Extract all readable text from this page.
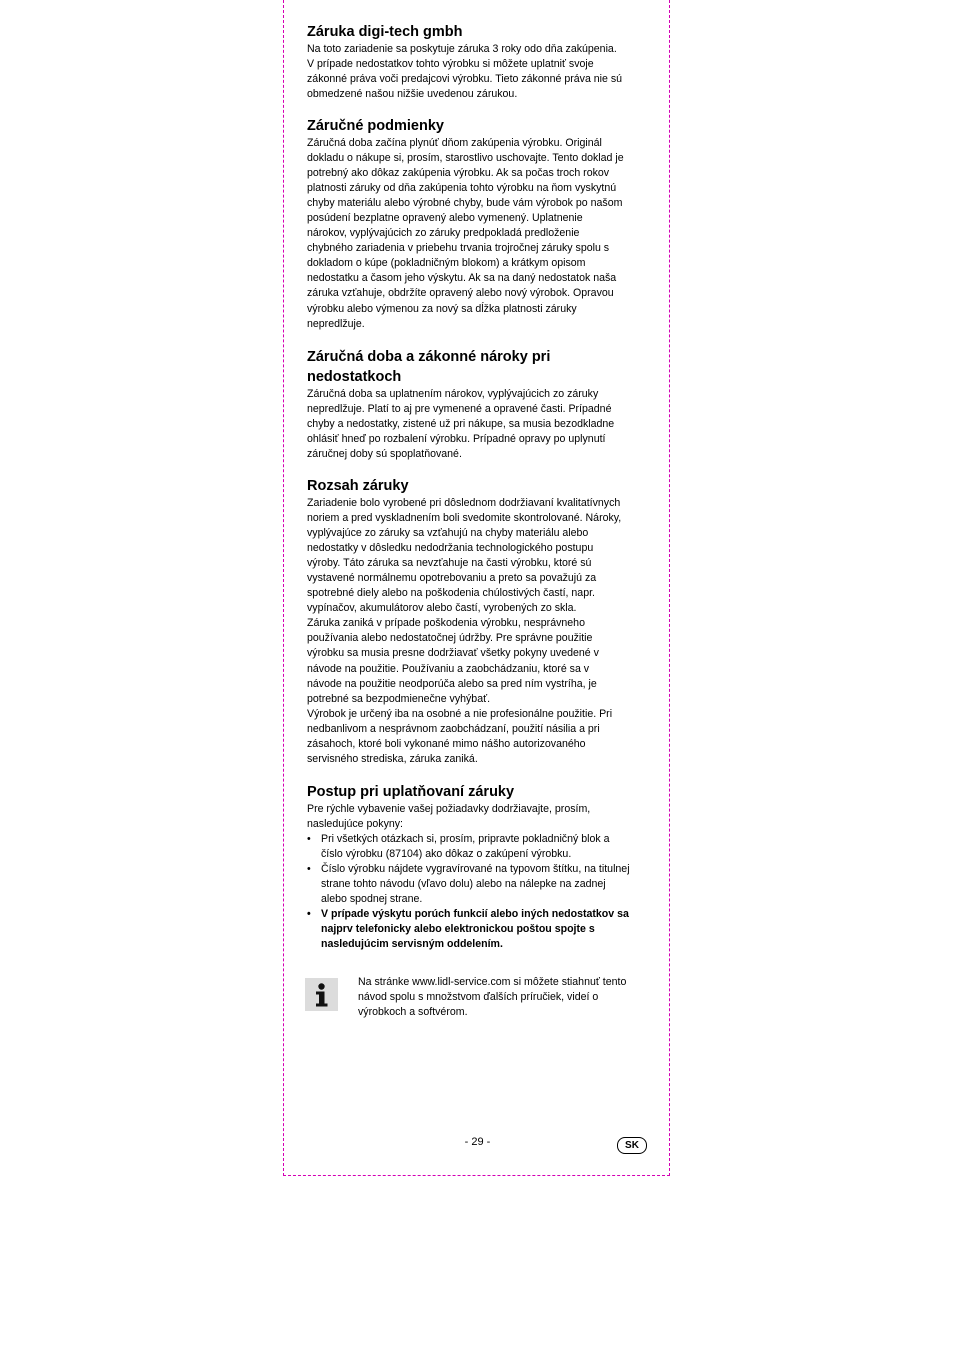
Záruka digi-tech gmbh

Na toto zariadenie sa poskytuje záruka 3 roky odo dňa zakúpenia.
V prípade nedostatkov tohto výrobku si môžete uplatniť svoje
zákonné práva voči predajcovi výrobku. Tieto zákonné práva nie sú
obmedzené našou nižšie uvedenou zárukou.

Záručné podmienky

Záručná doba začína plynúť dňom zakúpenia výrobku. Originál
dokladu o nákupe si, prosím, starostlivo uschovajte. Tento doklad je
potrebný ako dôkaz zakúpenia výrobku. Ak sa počas troch rokov
platnosti záruky od dňa zakúpenia tohto výrobku na ňom vyskytnú
chyby materiálu alebo výrobné chyby, bude vám výrobok po našom
posúdení bezplatne opravený alebo vymenený. Uplatnenie
nárokov, vyplývajúcich zo záruky predpokladá predloženie
chybného zariadenia v priebehu trvania trojročnej záruky spolu s
dokladom o kúpe (pokladničným blokom) a krátkym opisom
nedostatku a časom jeho výskytu. Ak sa na daný nedostatok naša
záruka vzťahuje, obdržíte opravený alebo nový výrobok. Opravou
výrobku alebo výmenou za nový sa dĺžka platnosti záruky
nepredlžuje.

Záručná doba a zákonné nároky pri
nedostatkoch

Záručná doba sa uplatnením nárokov, vyplývajúcich zo záruky
nepredlžuje. Platí to aj pre vymenené a opravené časti. Prípadné
chyby a nedostatky, zistené už pri nákupe, sa musia bezodkladne
ohlásiť hneď po rozbalení výrobku. Prípadné opravy po uplynutí
záručnej doby sú spoplatňované.

Rozsah záruky

Zariadenie bolo vyrobené pri dôslednom dodržiavaní kvalitatívnych
noriem a pred vyskladnením boli svedomite skontrolované. Nároky,
vyplývajúce zo záruky sa vzťahujú na chyby materiálu alebo
nedostatky v dôsledku nedodržania technologického postupu
výroby. Táto záruka sa nevzťahuje na časti výrobku, ktoré sú
vystavené normálnemu opotrebovaniu a preto sa považujú za
spotrebné diely alebo na poškodenia chúlostivých častí, napr.
vypínačov, akumulátorov alebo častí, vyrobených zo skla.
Záruka zaniká v prípade poškodenia výrobku, nesprávneho
používania alebo nedostatočnej údržby. Pre správne použitie
výrobku sa musia presne dodržiavať všetky pokyny uvedené v
návode na použitie. Používaniu a zaobchádzaniu, ktoré sa v
návode na použitie neodporúča alebo sa pred ním vystríha, je
potrebné sa bezpodmienečne vyhýbať.
Výrobok je určený iba na osobné a nie profesionálne použitie. Pri
nedbanlivom a nesprávnom zaobchádzaní, použití násilia a pri
zásahoch, ktoré boli vykonané mimo nášho autorizovaného
servisného strediska, záruka zaniká.

Postup pri uplatňovaní záruky

Pre rýchle vybavenie vašej požiadavky dodržiavajte, prosím,
nasledujúce pokyny:

• Pri všetkých otázkach si, prosím, pripravte pokladničný blok a
číslo výrobku (87104) ako dôkaz o zakúpení výrobku.
• Číslo výrobku nájdete vygravírované na typovom štítku, na titulnej
strane tohto návodu (vľavo dolu) alebo na nálepke na zadnej
alebo spodnej strane.
• V prípade výskytu porúch funkcií alebo iných nedostatkov sa
najprv telefonicky alebo elektronickou poštou spojte s
nasledujúcim servisným oddelením.
Na stránke www.lidl-service.com si môžete stiahnuť tento
návod spolu s množstvom ďalších príručiek, videí o
výrobkoch a softvérom.
- 29 -	SK
